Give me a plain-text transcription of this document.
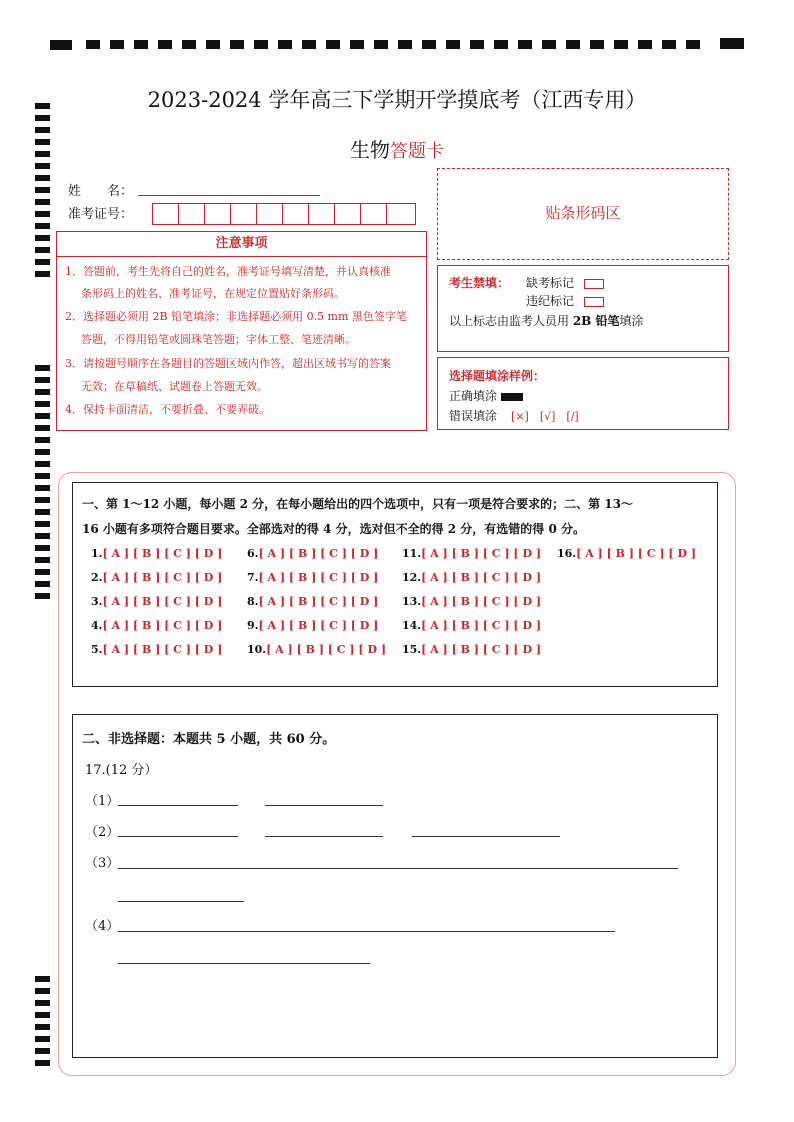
2023-2024 学年高三下学期开学摸底考（江西专用）
生物答题卡
姓　　名：
准考证号：
注意事项
1．答题前，考生先将自己的姓名，准考证号填写清楚，并认真核准
条形码上的姓名、准考证号，在规定位置贴好条形码。
2．选择题必须用 2B 铅笔填涂；非选择题必须用 0.5 mm 黑色签字笔
答题，不得用铅笔或圆珠笔答题；字体工整、笔迹清晰。
3．请按题号顺序在各题目的答题区域内作答，超出区域书写的答案
无效；在草稿纸、试题卷上答题无效。
4．保持卡面清洁，不要折叠、不要弄破。
贴条形码区
考生禁填： 缺考标记
违纪标记
以上标志由监考人员用 2B 铅笔填涂
选择题填涂样例：
正确填涂
错误填涂 [×]　[√]　[/]
一、第 1～12 小题，每小题 2 分，在每小题给出的四个选项中，只有一项是符合要求的；二、第 13～
16 小题有多项符合题目要求。全部选对的得 4 分，选对但不全的得 2 分，有选错的得 0 分。
1.[ A ] [ B ] [ C ] [ D ]
2.[ A ] [ B ] [ C ] [ D ]
3.[ A ] [ B ] [ C ] [ D ]
4.[ A ] [ B ] [ C ] [ D ]
5.[ A ] [ B ] [ C ] [ D ]
6.[ A ] [ B ] [ C ] [ D ]
7.[ A ] [ B ] [ C ] [ D ]
8.[ A ] [ B ] [ C ] [ D ]
9.[ A ] [ B ] [ C ] [ D ]
10.[ A ] [ B ] [ C ] [ D ]
11.[ A ] [ B ] [ C ] [ D ]
12.[ A ] [ B ] [ C ] [ D ]
13.[ A ] [ B ] [ C ] [ D ]
14.[ A ] [ B ] [ C ] [ D ]
15.[ A ] [ B ] [ C ] [ D ]
16.[ A ] [ B ] [ C ] [ D ]
二、非选择题：本题共 5 小题，共 60 分。
17.(12 分）
（1）
（2）
（3）
（4）
